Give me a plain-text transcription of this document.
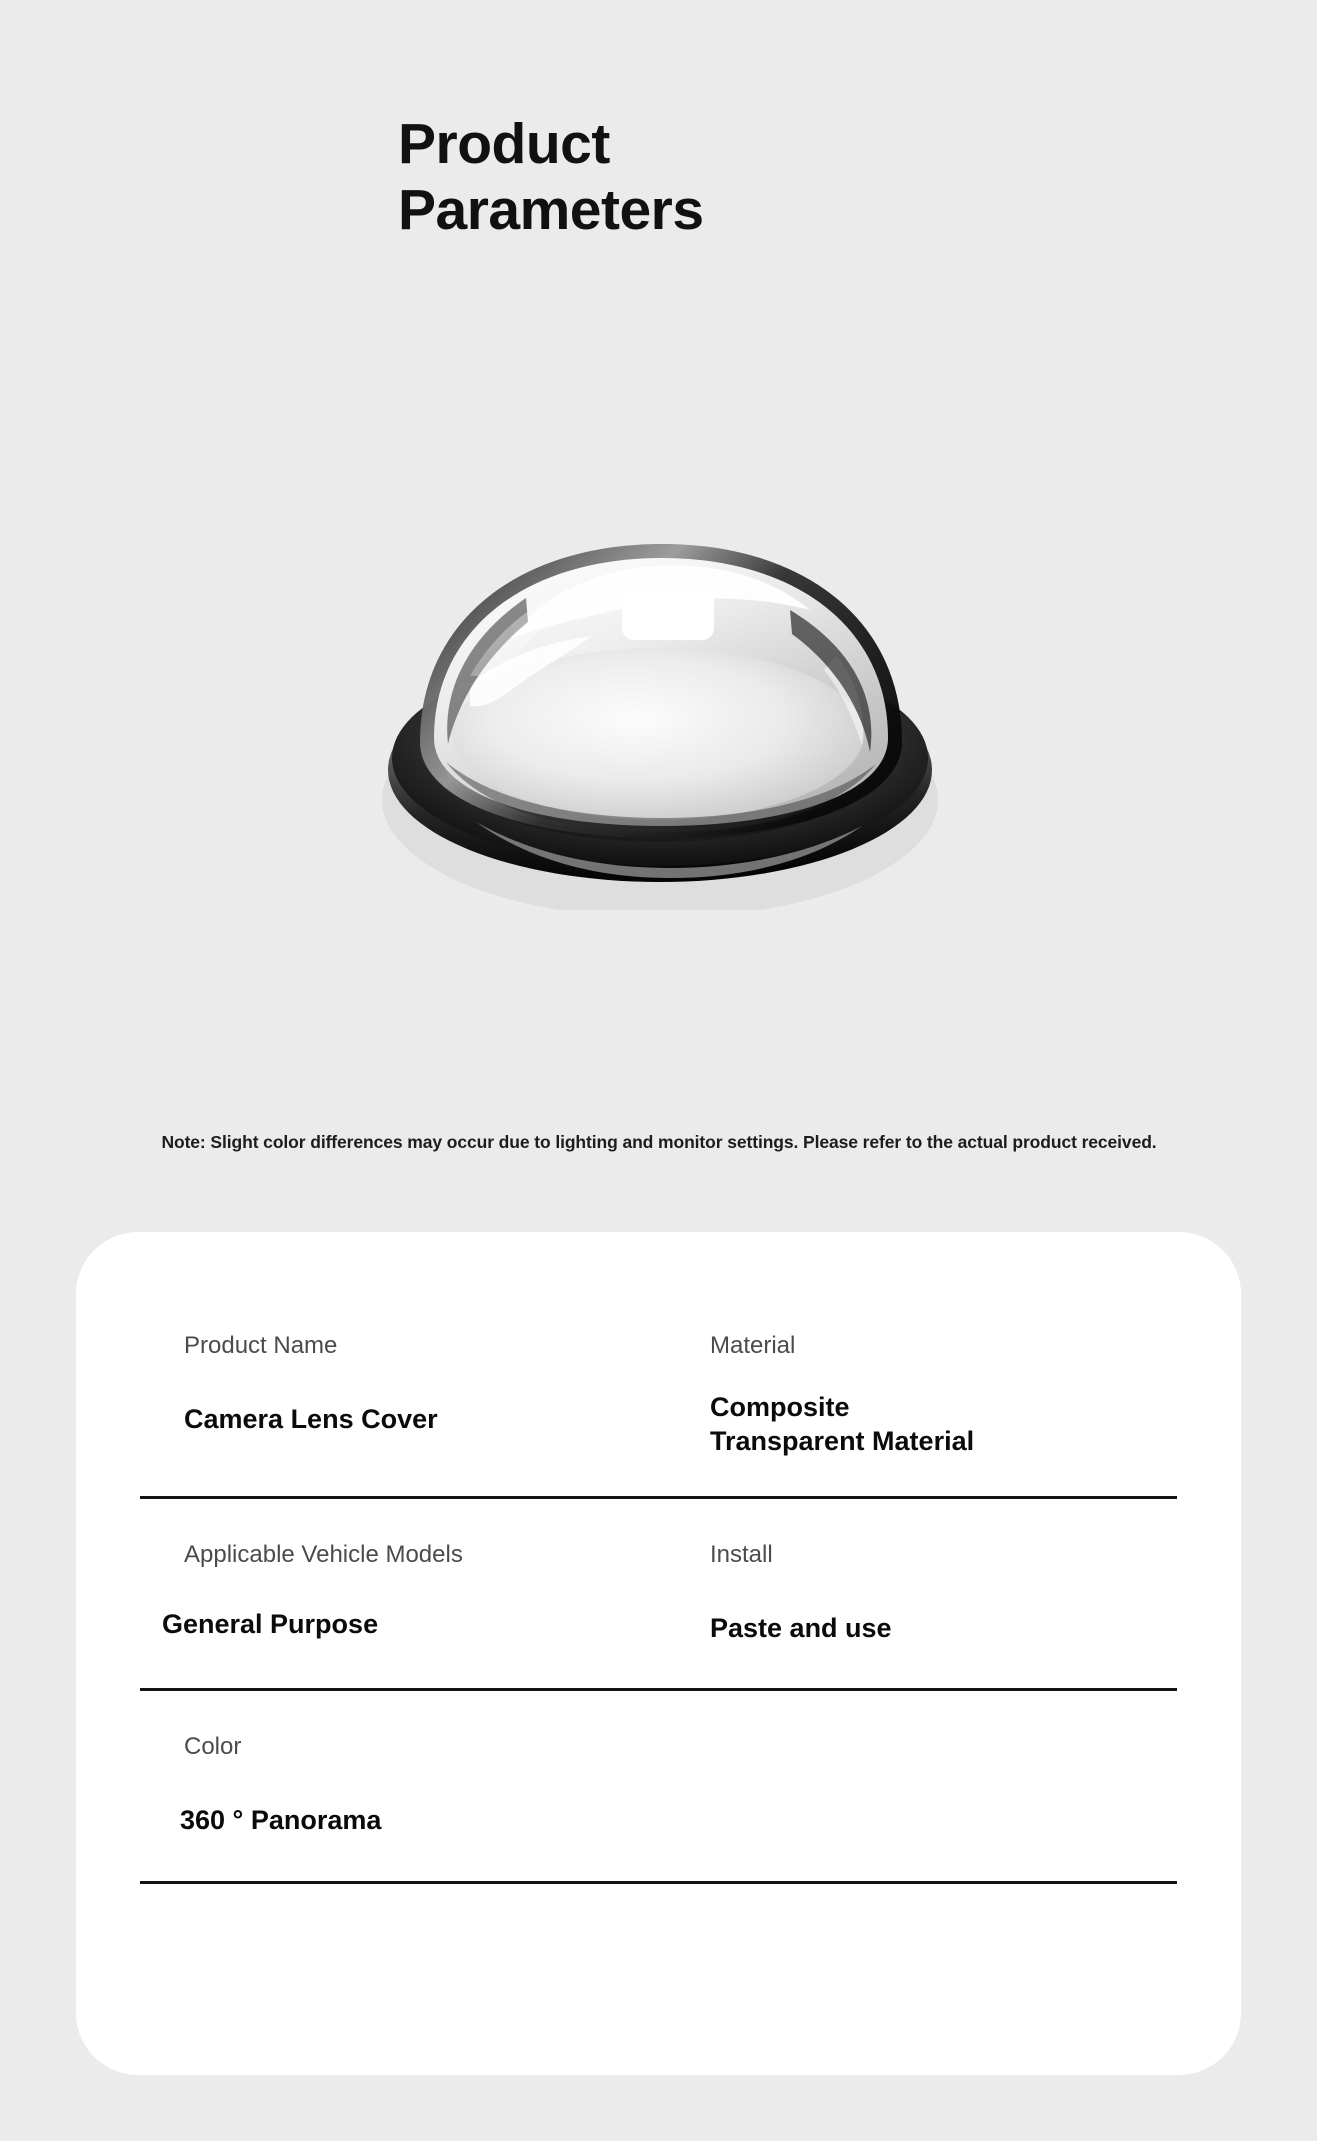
Product
Parameters
Note: Slight color differences may occur due to lighting and monitor settings. Please refer to the actual product received.
Product Name
Camera Lens Cover
Material
Composite Transparent Material
Applicable Vehicle Models
General Purpose
Install
Paste and use
Color
360 ° Panorama
